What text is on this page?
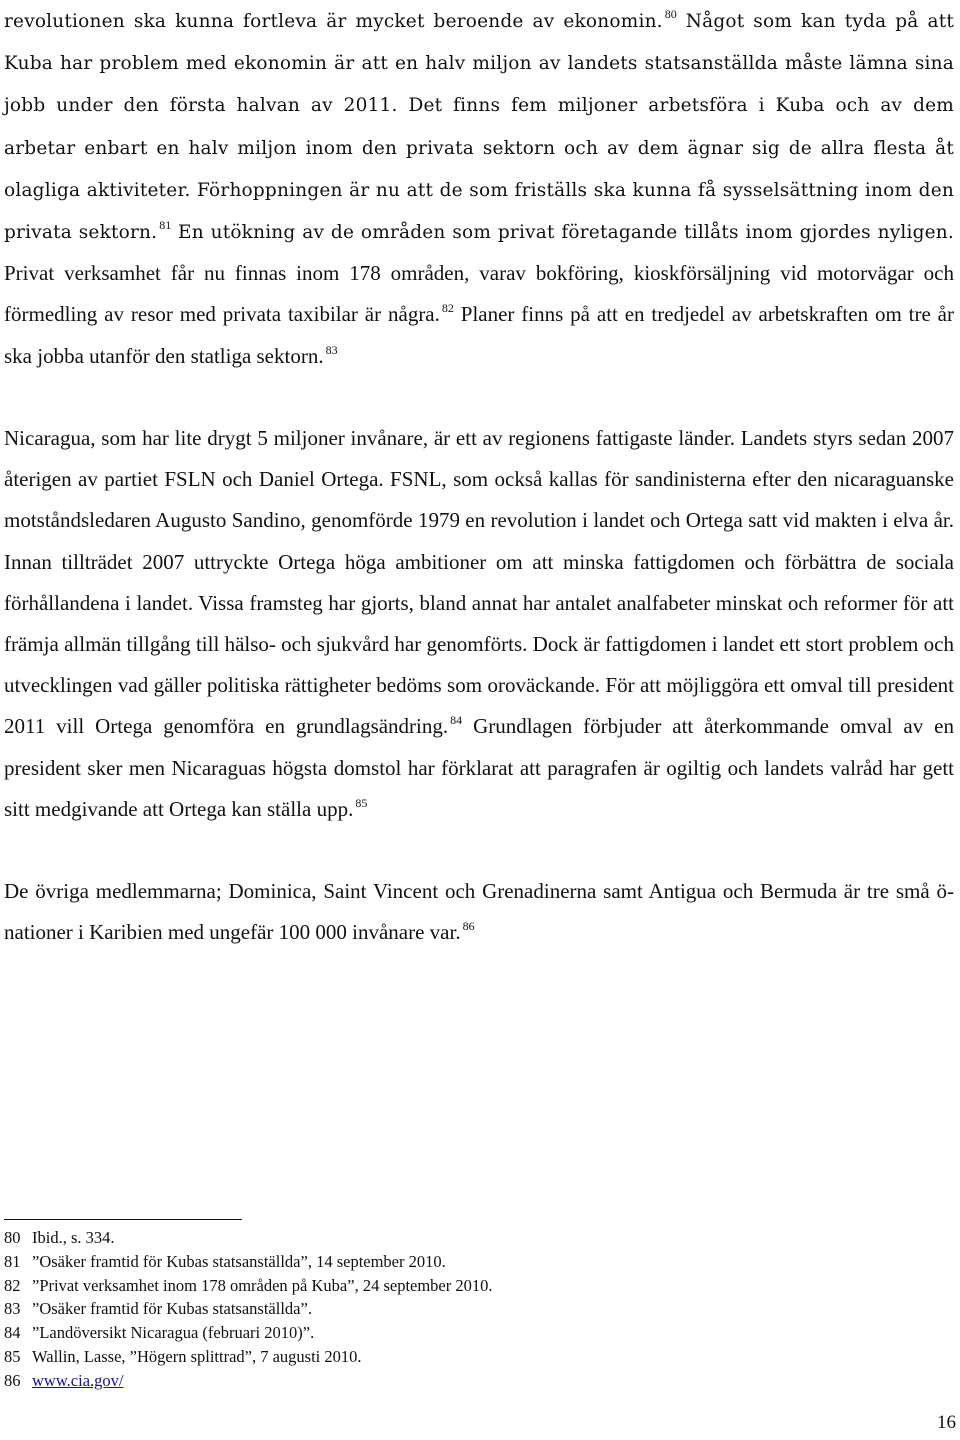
revolutionen ska kunna fortleva är mycket beroende av ekonomin. $^{80}$ Något som kan tyda på att Kuba har problem med ekonomin är att en halv miljon av landets statsanställda måste lämna sina jobb under den första halvan av 2011. Det finns fem miljoner arbetsföra i Kuba och av dem arbetar enbart en halv miljon inom den privata sektorn och av dem ägnar sig de allra flesta åt olagliga aktiviteter. Förhoppningen är nu att de som friställs ska kunna få sysselsättning inom den privata sektorn. $^{81}$ En utökning av de områden som privat företagande tillåts inom gjordes nyligen. Privat verksamhet får nu finnas inom 178 områden, varav bokföring, kioskförsäljning vid motorvägar och förmedling av resor med privata taxibilar är några. $^{82}$ Planer finns på att en tredjedel av arbetskraften om tre år ska jobba utanför den statliga sektorn. $^{83}$

Nicaragua, som har lite drygt 5 miljoner invånare, är ett av regionens fattigaste länder. Landets styrs sedan 2007 återigen av partiet FSLN och Daniel Ortega. FSNL, som också kallas för sandinisterna efter den nicaraguanske motståndsledaren Augusto Sandino, genomförde 1979 en revolution i landet och Ortega satt vid makten i elva år. Innan tillträdet 2007 uttryckte Ortega höga ambitioner om att minska fattigdomen och förbättra de sociala förhållandena i landet. Vissa framsteg har gjorts, bland annat har antalet analfabeter minskat och reformer för att främja allmän tillgång till hälso- och sjukvård har genomförts. Dock är fattigdomen i landet ett stort problem och utvecklingen vad gäller politiska rättigheter bedöms som oroväckande. För att möjliggöra ett omval till president 2011 vill Ortega genomföra en grundlagsändring. $^{84}$ Grundlagen förbjuder att återkommande omval av en president sker men Nicaraguas högsta domstol har förklarat att paragrafen är ogiltig och landets valråd har gett sitt medgivande att Ortega kan ställa upp. $^{85}$

De övriga medlemmarna; Dominica, Saint Vincent och Grenadinerna samt Antigua och Bermuda är tre små ö-nationer i Karibien med ungefär 100 000 invånare var. $^{86}$

80 Ibid., s. 334.
81 ”Osäker framtid för Kubas statsanställda”, 14 september 2010.
82 ”Privat verksamhet inom 178 områden på Kuba”, 24 september 2010.
83 ”Osäker framtid för Kubas statsanställda”.
84 ”Landöversikt Nicaragua (februari 2010)”.
85 Wallin, Lasse, ”Högern splittrad”, 7 augusti 2010.
86 www.cia.gov/
16
